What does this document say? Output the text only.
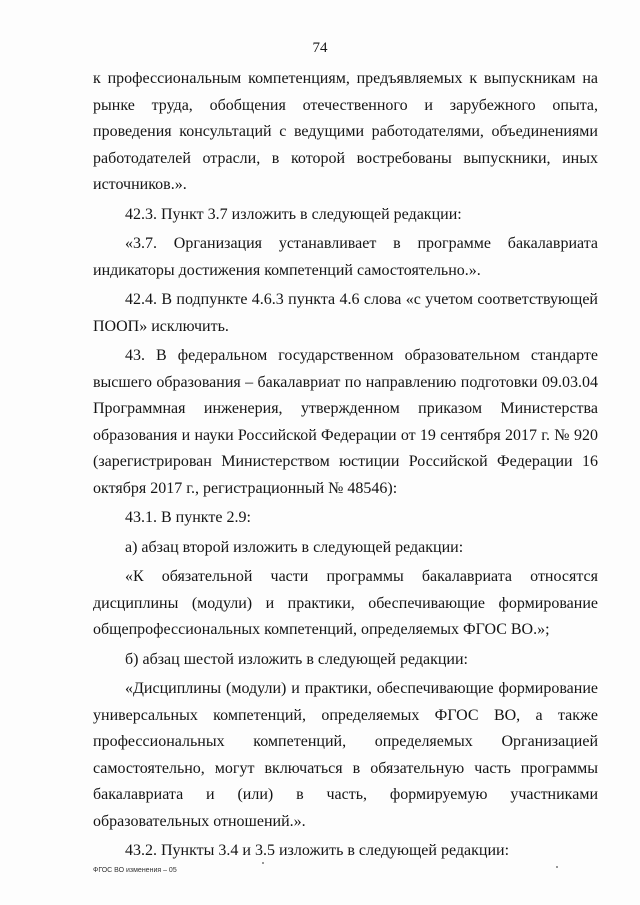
74

к профессиональным компетенциям, предъявляемых к выпускникам на рынке труда, обобщения отечественного и зарубежного опыта, проведения консультаций с ведущими работодателями, объединениями работодателей отрасли, в которой востребованы выпускники, иных источников.».

42.3. Пункт 3.7 изложить в следующей редакции:

«3.7. Организация устанавливает в программе бакалавриата индикаторы достижения компетенций самостоятельно.».

42.4. В подпункте 4.6.3 пункта 4.6 слова «с учетом соответствующей ПООП» исключить.

43. В федеральном государственном образовательном стандарте высшего образования – бакалавриат по направлению подготовки 09.03.04 Программная инженерия, утвержденном приказом Министерства образования и науки Российской Федерации от 19 сентября 2017 г. № 920 (зарегистрирован Министерством юстиции Российской Федерации 16 октября 2017 г., регистрационный № 48546):

43.1. В пункте 2.9:

а) абзац второй изложить в следующей редакции:

«К обязательной части программы бакалавриата относятся дисциплины (модули) и практики, обеспечивающие формирование общепрофессиональных компетенций, определяемых ФГОС ВО.»;

б) абзац шестой изложить в следующей редакции:

«Дисциплины (модули) и практики, обеспечивающие формирование универсальных компетенций, определяемых ФГОС ВО, а также профессиональных компетенций, определяемых Организацией самостоятельно, могут включаться в обязательную часть программы бакалавриата и (или) в часть, формируемую участниками образовательных отношений.».

43.2. Пункты 3.4 и 3.5 изложить в следующей редакции:

ФГОС ВО изменения – 05
